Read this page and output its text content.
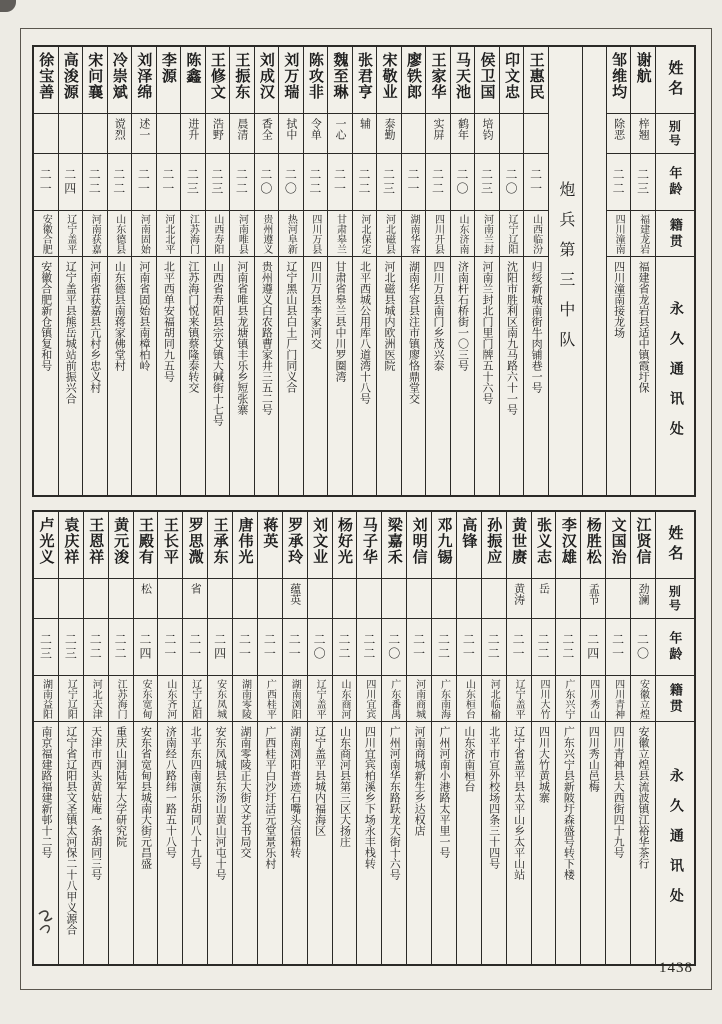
徐宝善
二一
安徽合肥
安徽合肥新仓镇复和号
高浚源
二四
辽宁盖平
辽宁盖平县熊岳城站前振兴合
宋问襄
二二
河南获嘉
河南省获嘉县亢村乡忠义村
冷崇斌
谠烈
二二
山东德县
山东德县南蒋家佛堂村
刘泽绵
述一
二一
河南固始
河南省固始县南樟柏岭
李源
二一
河北北平
北平西单安福胡同九五号
陈鑫
进升
二三
江苏海门
江苏海门悦来镇蔡隆泰转交
王修文
浩野
二三
山西寿阳
山西省寿阳县宗艾镇大碱街十七号
王振东
晨清
二二
河南唯县
河南省唯县龙塘镇丰乐乡短张寨
刘成汉
香全
二〇
贵州遵义
贵州遵义白农路曹家井三五二号
刘万瑞
拭中
二〇
热河阜新
辽宁黑山县白土厂门同义合
陈攻非
令单
二二
四川万县
四川万县李家河交
魏至琳
一心
二一
甘肃皋兰
甘肃省皋兰县中川罗圈湾
张君亨
辅
二二
河北保定
北平西城公用库八道湾十八号
宋敬业
泰勤
二三
河北磁县
河北磁县城内欧洲医院
廖铁郎
二一
湖南华容
湖南华容县注市镇廖恪鼎堂交
王家华
实屏
二二
四川开县
四川万县南门乡茂兴泰
马天池
鹤年
二〇
山东济南
济南杆石桥街一〇三号
侯卫国
培钧
二三
河南兰封
河南兰封北门里门牌五十六号
印文忠
二〇
辽宁辽阳
沈阳市胜利区南九马路六十一号
王惠民
二一
山西临汾
归绥新城南街牛肉铺巷一号 炮兵第三中队
邹维均
除恶
二二
四川潼南
四川潼南接龙场
谢航
梓翘
二三
福建龙岩
福建省龙岩县适中镇霞圩保
姓名
别号
年龄
籍贯
永久通讯处
卢光义
二三
湖南益阳
南京福建路福建新邨十二号
袁庆祥
二三
辽宁辽阳
辽宁省辽阳县文圣镇太河保二十八甲义源合
王恩祥
二二
河北天津
天津市西头黄姑庵一条胡同三号
黄元浚
二二
江苏海门
重庆山洞陆军大学研究院
王殿有
松
二四
安东宽甸
安东省宽甸县城南大街元昌盛
王长平
二一
山东齐河
济南经八路纬一路五十八号
罗思溦
省
二一
辽宁辽阳
北平东四南演乐胡同八十九号
王承东
二四
安东凤城
安东凤城县东汤山黄山河屯十号
唐伟光
二一
湖南零陵
湖南零陵正大街文艺书局交
蒋英
二一
广西桂平
广西桂平白沙圩活元堂景乐村
罗承玲
蕴英
二一
湖南浏阳
湖南浏阳普迹石嘴头信箱转
刘文业
二〇
辽宁盖平
辽宁盖平县城内福海区
杨好光
二二
山东商河
山东商河县第三区大扬庄
马子华
二二
四川宜宾
四川宜宾柏溪乡下场永丰栈转
梁嘉禾
二〇
广东番禺
广州河南华东路跃龙大街十六号
刘明信
二一
河南商城
河南商城新生乡达权店
邓九锡
二二
广东南海
广州河南小港路太平里一号
高锋
二一
山东桓台
山东济南桓台
孙振应
二二
河北临榆
北平市宣外校场四条三十四号
黄世赓
黄涛
二一
辽宁盖平
辽宁省盖平县太平山乡太平山站
张义志
岳
二二
四川大竹
四川大竹黄城寨
李汉雄
二二
广东兴宁
广东兴宁县新陂圩森盛号转下楼
杨胜松
孟节
二四
四川秀山
四川秀山邑梅
文国治
二一
四川青神
四川青神县大西街四十九号
江贤信
劲澜
二〇
安徽立煌
安徽立煌县流波镇江裕华茶行
姓名
别号
年龄
籍贯
永久通讯处
1438
